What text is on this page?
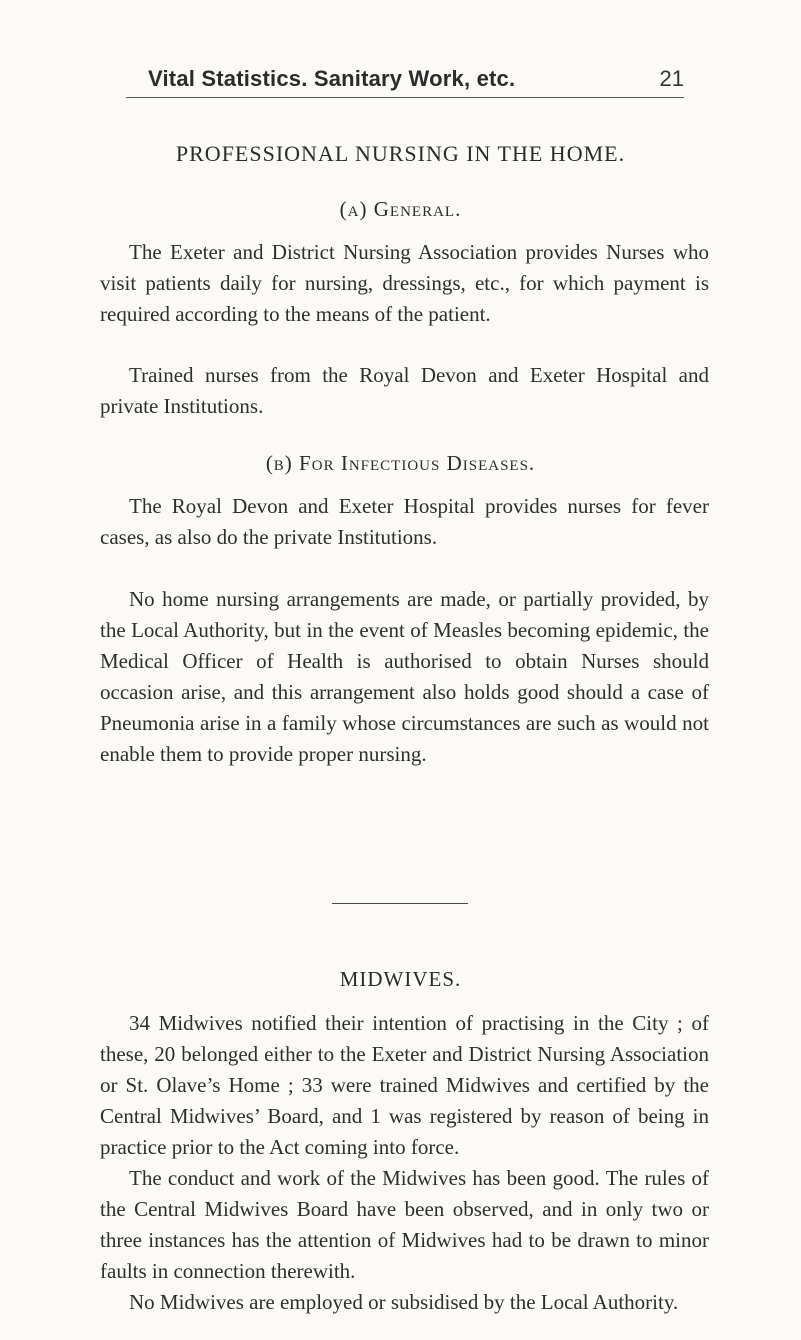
Vital Statistics. Sanitary Work, etc.	21
PROFESSIONAL NURSING IN THE HOME.
(a) General.
The Exeter and District Nursing Association provides Nurses who visit patients daily for nursing, dressings, etc., for which payment is required according to the means of the patient.
Trained nurses from the Royal Devon and Exeter Hospital and private Institutions.
(b) For Infectious Diseases.
The Royal Devon and Exeter Hospital provides nurses for fever cases, as also do the private Institutions.
No home nursing arrangements are made, or partially provided, by the Local Authority, but in the event of Measles becoming epidemic, the Medical Officer of Health is authorised to obtain Nurses should occasion arise, and this arrangement also holds good should a case of Pneumonia arise in a family whose circumstances are such as would not enable them to provide proper nursing.
MIDWIVES.
34 Midwives notified their intention of practising in the City ; of these, 20 belonged either to the Exeter and District Nursing Association or St. Olave’s Home ; 33 were trained Midwives and certified by the Central Midwives’ Board, and 1 was registered by reason of being in practice prior to the Act coming into force.
The conduct and work of the Midwives has been good. The rules of the Central Midwives Board have been observed, and in only two or three instances has the attention of Midwives had to be drawn to minor faults in connection therewith.
No Midwives are employed or subsidised by the Local Authority.
